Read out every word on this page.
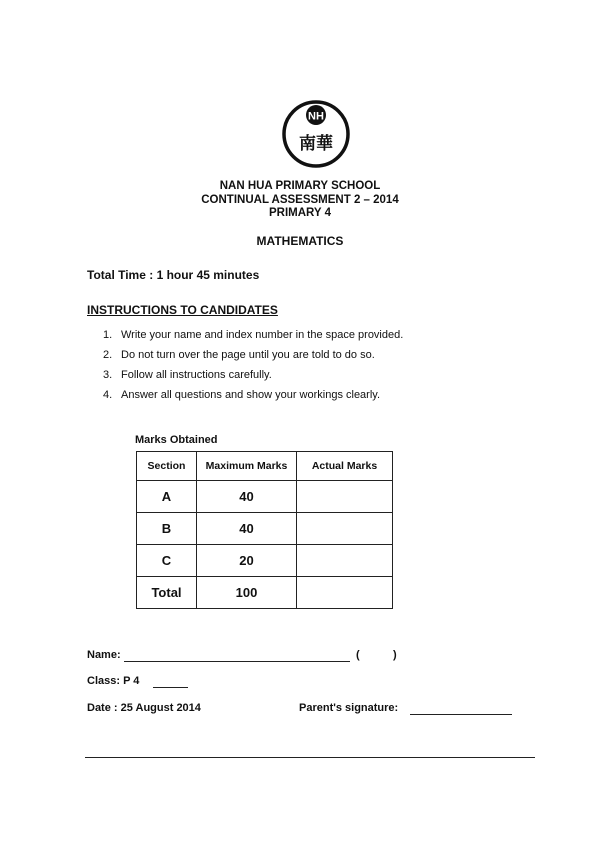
NH
南華
NAN HUA PRIMARY SCHOOL
CONTINUAL ASSESSMENT 2 – 2014
PRIMARY 4
MATHEMATICS
Total Time : 1 hour 45 minutes
INSTRUCTIONS TO CANDIDATES
1. Write your name and index number in the space provided.
2. Do not turn over the page until you are told to do so.
3. Follow all instructions carefully.
4. Answer all questions and show your workings clearly.
Marks Obtained
Section	Maximum Marks	Actual Marks
A	40	
B	40	
C	20	
Total	100	
Name:	(	)
Class: P 4
Date : 25 August 2014	Parent's signature:
